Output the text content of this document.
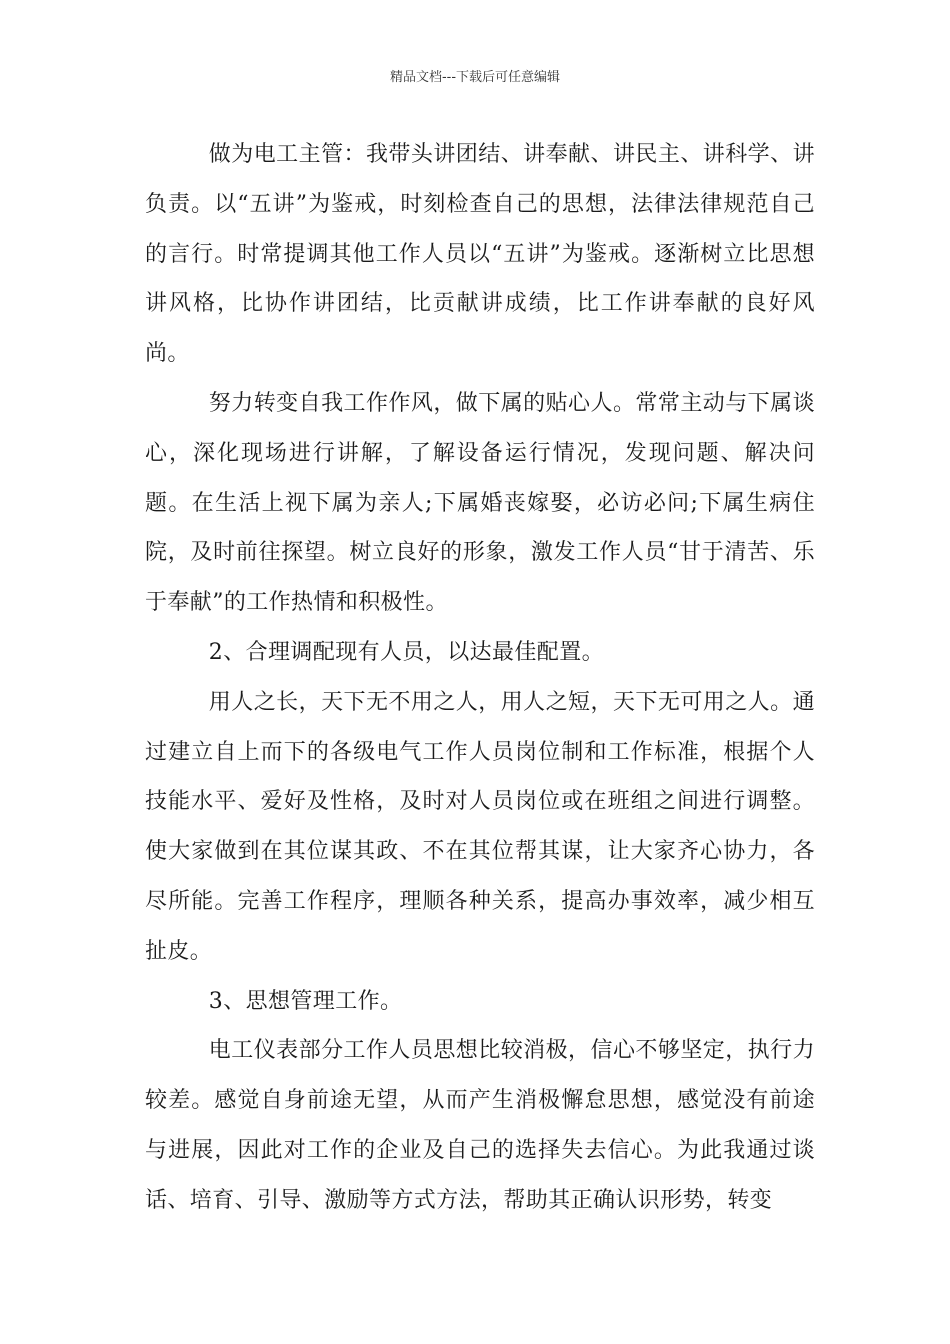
精品文档---下载后可任意编辑

做为电工主管：我带头讲团结、讲奉献、讲民主、讲科学、讲负责。以“五讲”为鉴戒，时刻检查自己的思想，法律法律规范自己的言行。时常提调其他工作人员以“五讲”为鉴戒。逐渐树立比思想讲风格，比协作讲团结，比贡献讲成绩，比工作讲奉献的良好风尚。

努力转变自我工作作风，做下属的贴心人。常常主动与下属谈心，深化现场进行讲解，了解设备运行情况，发现问题、解决问题。在生活上视下属为亲人;下属婚丧嫁娶，必访必问;下属生病住院，及时前往探望。树立良好的形象，激发工作人员“甘于清苦、乐于奉献”的工作热情和积极性。

2、合理调配现有人员，以达最佳配置。

用人之长，天下无不用之人，用人之短，天下无可用之人。通过建立自上而下的各级电气工作人员岗位制和工作标准，根据个人技能水平、爱好及性格，及时对人员岗位或在班组之间进行调整。使大家做到在其位谋其政、不在其位帮其谋，让大家齐心协力，各尽所能。完善工作程序，理顺各种关系，提高办事效率，减少相互扯皮。

3、思想管理工作。

电工仪表部分工作人员思想比较消极，信心不够坚定，执行力较差。感觉自身前途无望，从而产生消极懈怠思想，感觉没有前途与进展，因此对工作的企业及自己的选择失去信心。为此我通过谈话、培育、引导、激励等方式方法，帮助其正确认识形势，转变
